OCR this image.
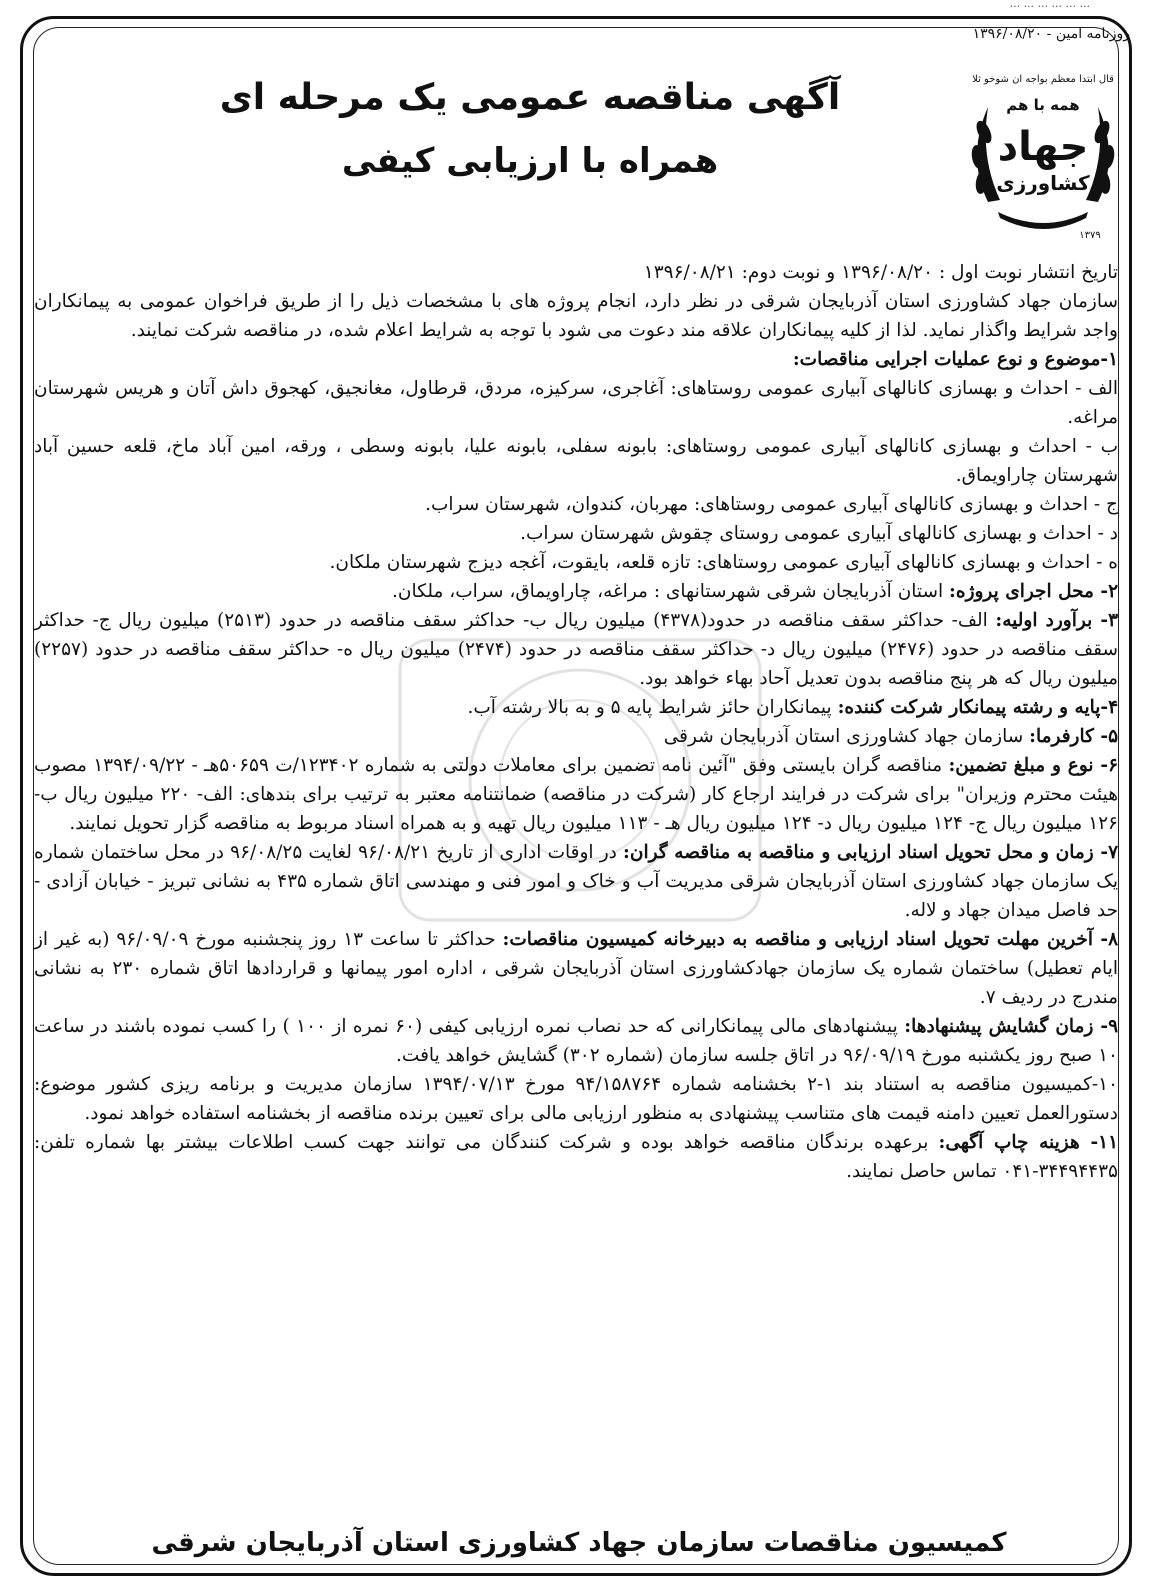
... ... ... ... ... ...
روزنامه امین - ۱۳۹۶/۰۸/۲۰
قال ابتدا معظم بواجه ان شوخو ثلا
همه با هم
جهاد
کشاورزی
۱۳۷۹
آگهی مناقصه عمومی یک مرحله ای
همراه با ارزیابی کیفی

تاریخ انتشار نوبت اول : ۱۳۹۶/۰۸/۲۰ و نوبت دوم: ۱۳۹۶/۰۸/۲۱

سازمان جهاد کشاورزی استان آذربایجان شرقی در نظر دارد، انجام پروژه های با مشخصات ذیل را از طریق فراخوان عمومی به پیمانکاران واجد شرایط واگذار نماید. لذا از کلیه پیمانکاران علاقه مند دعوت می شود با توجه به شرایط اعلام شده، در مناقصه شرکت نمایند.

۱-موضوع و نوع عملیات اجرایی مناقصات:

الف - احداث و بهسازی کانالهای آبیاری عمومی روستاهای: آغاجری، سرکیزه، مردق، قرطاول، مغانجیق، کهجوق داش آتان و هریس شهرستان مراغه.

ب - احداث و بهسازی کانالهای آبیاری عمومی روستاهای: بابونه سفلی، بابونه علیا، بابونه وسطی ، ورقه، امین آباد ماخ، قلعه حسین آباد شهرستان چاراویماق.

ج - احداث و بهسازی کانالهای آبیاری عمومی روستاهای: مهربان، کندوان، شهرستان سراب.

د - احداث و بهسازی کانالهای آبیاری عمومی روستای چقوش شهرستان سراب.

ه - احداث و بهسازی کانالهای آبیاری عمومی روستاهای: تازه قلعه، بایقوت، آغجه دیزج شهرستان ملکان.

۲- محل اجرای پروژه: استان آذربایجان شرقی شهرستانهای : مراغه، چاراویماق، سراب، ملکان.

۳- برآورد اولیه: الف- حداکثر سقف مناقصه در حدود(۴۳۷۸) میلیون ریال ب- حداکثر سقف مناقصه در حدود (۲۵۱۳) میلیون ریال ج- حداکثر سقف مناقصه در حدود (۲۴۷۶) میلیون ریال د- حداکثر سقف مناقصه در حدود (۲۴۷۴) میلیون ریال ه- حداکثر سقف مناقصه در حدود (۲۲۵۷) میلیون ریال که هر پنج مناقصه بدون تعدیل آحاد بهاء خواهد بود.

۴-پایه و رشته پیمانکار شرکت کننده: پیمانکاران حائز شرایط پایه ۵ و به بالا رشته آب.

۵- کارفرما: سازمان جهاد کشاورزی استان آذربایجان شرقی

۶- نوع و مبلغ تضمین: مناقصه گران بایستی وفق "آئین نامه تضمین برای معاملات دولتی به شماره ۱۲۳۴۰۲/ت ۵۰۶۵۹هـ - ۱۳۹۴/۰۹/۲۲ مصوب هیئت محترم وزیران" برای شرکت در فرایند ارجاع کار (شرکت در مناقصه) ضمانتنامه معتبر به ترتیب برای بندهای: الف- ۲۲۰ میلیون ریال ب- ۱۲۶ میلیون ریال ج- ۱۲۴ میلیون ریال د- ۱۲۴ میلیون ریال هـ - ۱۱۳ میلیون ریال تهیه و به همراه اسناد مربوط به مناقصه گزار تحویل نمایند.

۷- زمان و محل تحویل اسناد ارزیابی و مناقصه به مناقصه گران: در اوقات اداری از تاریخ ۹۶/۰۸/۲۱ لغایت ۹۶/۰۸/۲۵ در محل ساختمان شماره یک سازمان جهاد کشاورزی استان آذربایجان شرقی مدیریت آب و خاک و امور فنی و مهندسی اتاق شماره ۴۳۵ به نشانی تبریز - خیابان آزادی - حد فاصل میدان جهاد و لاله.

۸- آخرین مهلت تحویل اسناد ارزیابی و مناقصه به دبیرخانه کمیسیون مناقصات: حداکثر تا ساعت ۱۳ روز پنجشنبه مورخ ۹۶/۰۹/۰۹ (به غیر از ایام تعطیل) ساختمان شماره یک سازمان جهادکشاورزی استان آذربایجان شرقی ، اداره امور پیمانها و قراردادها اتاق شماره ۲۳۰ به نشانی مندرج در ردیف ۷.

۹- زمان گشایش پیشنهادها: پیشنهادهای مالی پیمانکارانی که حد نصاب نمره ارزیابی کیفی (۶۰ نمره از ۱۰۰ ) را کسب نموده باشند در ساعت ۱۰ صبح روز یکشنبه مورخ ۹۶/۰۹/۱۹ در اتاق جلسه سازمان (شماره ۳۰۲) گشایش خواهد یافت.

۱۰-کمیسیون مناقصه به استناد بند ۱-۲ بخشنامه شماره ۹۴/۱۵۸۷۶۴ مورخ ۱۳۹۴/۰۷/۱۳ سازمان مدیریت و برنامه ریزی کشور موضوع: دستورالعمل تعیین دامنه قیمت های متناسب پیشنهادی به منظور ارزیابی مالی برای تعیین برنده مناقصه از بخشنامه استفاده خواهد نمود.

۱۱- هزینه چاپ آگهی: برعهده برندگان مناقصه خواهد بوده و شرکت کنندگان می توانند جهت کسب اطلاعات بیشتر بها شماره تلفن: ۳۴۴۹۴۴۳۵-۰۴۱ تماس حاصل نمایند.

کمیسیون مناقصات سازمان جهاد کشاورزی استان آذربایجان شرقی
